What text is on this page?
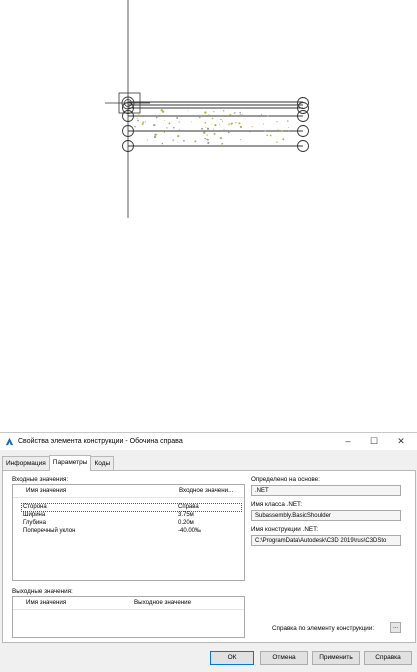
Свойства элемента конструкции - Обочина справа	–	☐	✕
Информация	Параметры	Коды
Входные значения:
Имя значения	Входное значени...
Сторона	Справа
Ширина	3.75м
Глубина	0.20м
Поперечный уклон	-40.00‰
Выходные значения:
Имя значения	Выходное значение
Определено на основе:
.NET
Имя класса .NET:
Subassembly.BasicShoulder
Имя конструкции .NET:
C:\ProgramData\Autodesk\C3D 2019\rus\C3DSto
Справка по элементу конструкции:	...
ОК	Отмена	Применить	Справка
